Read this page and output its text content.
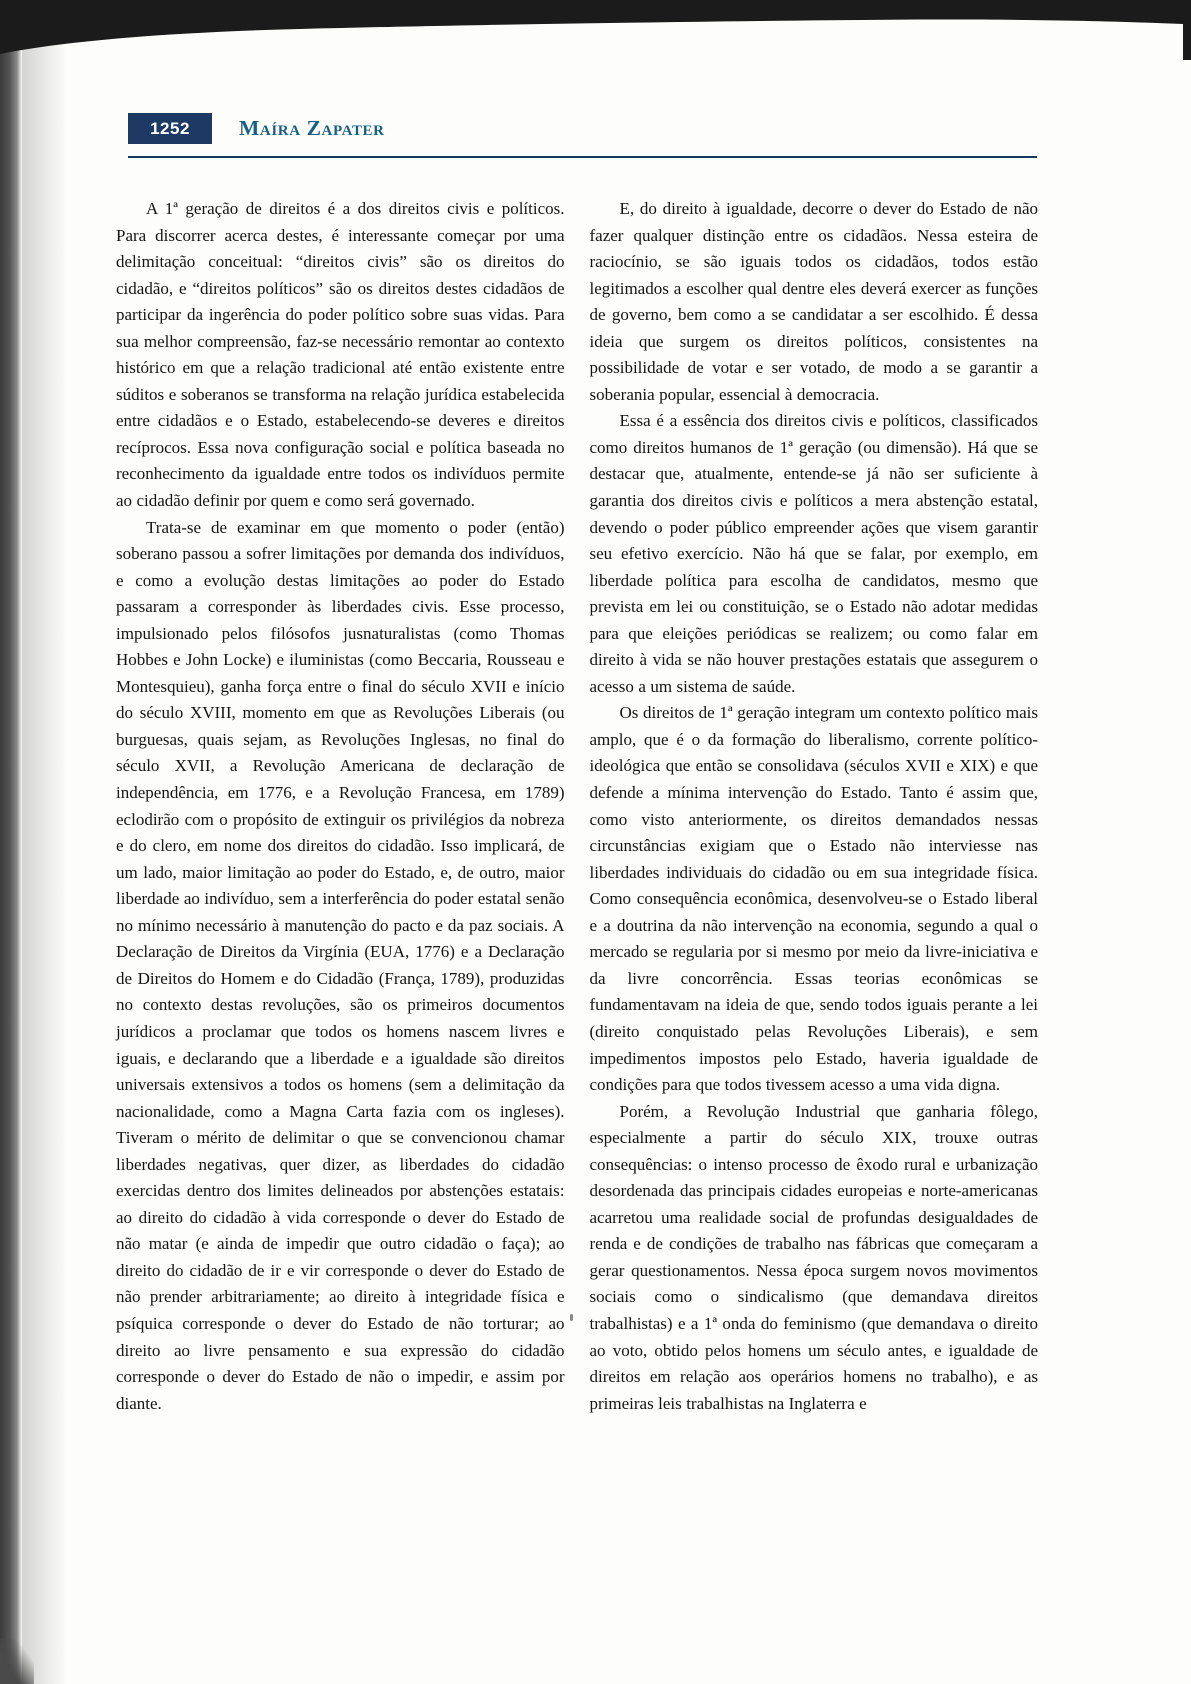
1252 Maíra Zapater

A 1ª geração de direitos é a dos direitos civis e políticos. Para discorrer acerca destes, é interessante começar por uma delimitação conceitual: “direitos civis” são os direitos do cidadão, e “direitos políticos” são os direitos destes cidadãos de participar da ingerência do poder político sobre suas vidas. Para sua melhor compreensão, faz-se necessário remontar ao contexto histórico em que a relação tradicional até então existente entre súditos e soberanos se transforma na relação jurídica estabelecida entre cidadãos e o Estado, estabelecendo-se deveres e direitos recíprocos. Essa nova configuração social e política baseada no reconhecimento da igualdade entre todos os indivíduos permite ao cidadão definir por quem e como será governado.

Trata-se de examinar em que momento o poder (então) soberano passou a sofrer limitações por demanda dos indivíduos, e como a evolução destas limitações ao poder do Estado passaram a corresponder às liberdades civis. Esse processo, impulsionado pelos filósofos jusnaturalistas (como Thomas Hobbes e John Locke) e iluministas (como Beccaria, Rousseau e Montesquieu), ganha força entre o final do século XVII e início do século XVIII, momento em que as Revoluções Liberais (ou burguesas, quais sejam, as Revoluções Inglesas, no final do século XVII, a Revolução Americana de declaração de independência, em 1776, e a Revolução Francesa, em 1789) eclodirão com o propósito de extinguir os privilégios da nobreza e do clero, em nome dos direitos do cidadão. Isso implicará, de um lado, maior limitação ao poder do Estado, e, de outro, maior liberdade ao indivíduo, sem a interferência do poder estatal senão no mínimo necessário à manutenção do pacto e da paz sociais. A Declaração de Direitos da Virgínia (EUA, 1776) e a Declaração de Direitos do Homem e do Cidadão (França, 1789), produzidas no contexto destas revoluções, são os primeiros documentos jurídicos a proclamar que todos os homens nascem livres e iguais, e declarando que a liberdade e a igualdade são direitos universais extensivos a todos os homens (sem a delimitação da nacionalidade, como a Magna Carta fazia com os ingleses). Tiveram o mérito de delimitar o que se convencionou chamar liberdades negativas, quer dizer, as liberdades do cidadão exercidas dentro dos limites delineados por abstenções estatais: ao direito do cidadão à vida corresponde o dever do Estado de não matar (e ainda de impedir que outro cidadão o faça); ao direito do cidadão de ir e vir corresponde o dever do Estado de não prender arbitrariamente; ao direito à integridade física e psíquica corresponde o dever do Estado de não torturar; ao direito ao livre pensamento e sua expressão do cidadão corresponde o dever do Estado de não o impedir, e assim por diante.

E, do direito à igualdade, decorre o dever do Estado de não fazer qualquer distinção entre os cidadãos. Nessa esteira de raciocínio, se são iguais todos os cidadãos, todos estão legitimados a escolher qual dentre eles deverá exercer as funções de governo, bem como a se candidatar a ser escolhido. É dessa ideia que surgem os direitos políticos, consistentes na possibilidade de votar e ser votado, de modo a se garantir a soberania popular, essencial à democracia.

Essa é a essência dos direitos civis e políticos, classificados como direitos humanos de 1ª geração (ou dimensão). Há que se destacar que, atualmente, entende-se já não ser suficiente à garantia dos direitos civis e políticos a mera abstenção estatal, devendo o poder público empreender ações que visem garantir seu efetivo exercício. Não há que se falar, por exemplo, em liberdade política para escolha de candidatos, mesmo que prevista em lei ou constituição, se o Estado não adotar medidas para que eleições periódicas se realizem; ou como falar em direito à vida se não houver prestações estatais que assegurem o acesso a um sistema de saúde.

Os direitos de 1ª geração integram um contexto político mais amplo, que é o da formação do liberalismo, corrente político-ideológica que então se consolidava (séculos XVII e XIX) e que defende a mínima intervenção do Estado. Tanto é assim que, como visto anteriormente, os direitos demandados nessas circunstâncias exigiam que o Estado não interviesse nas liberdades individuais do cidadão ou em sua integridade física. Como consequência econômica, desenvolveu-se o Estado liberal e a doutrina da não intervenção na economia, segundo a qual o mercado se regularia por si mesmo por meio da livre-iniciativa e da livre concorrência. Essas teorias econômicas se fundamentavam na ideia de que, sendo todos iguais perante a lei (direito conquistado pelas Revoluções Liberais), e sem impedimentos impostos pelo Estado, haveria igualdade de condições para que todos tivessem acesso a uma vida digna.

Porém, a Revolução Industrial que ganharia fôlego, especialmente a partir do século XIX, trouxe outras consequências: o intenso processo de êxodo rural e urbanização desordenada das principais cidades europeias e norte-americanas acarretou uma realidade social de profundas desigualdades de renda e de condições de trabalho nas fábricas que começaram a gerar questionamentos. Nessa época surgem novos movimentos sociais como o sindicalismo (que demandava direitos trabalhistas) e a 1ª onda do feminismo (que demandava o direito ao voto, obtido pelos homens um século antes, e igualdade de direitos em relação aos operários homens no trabalho), e as primeiras leis trabalhistas na Inglaterra e
